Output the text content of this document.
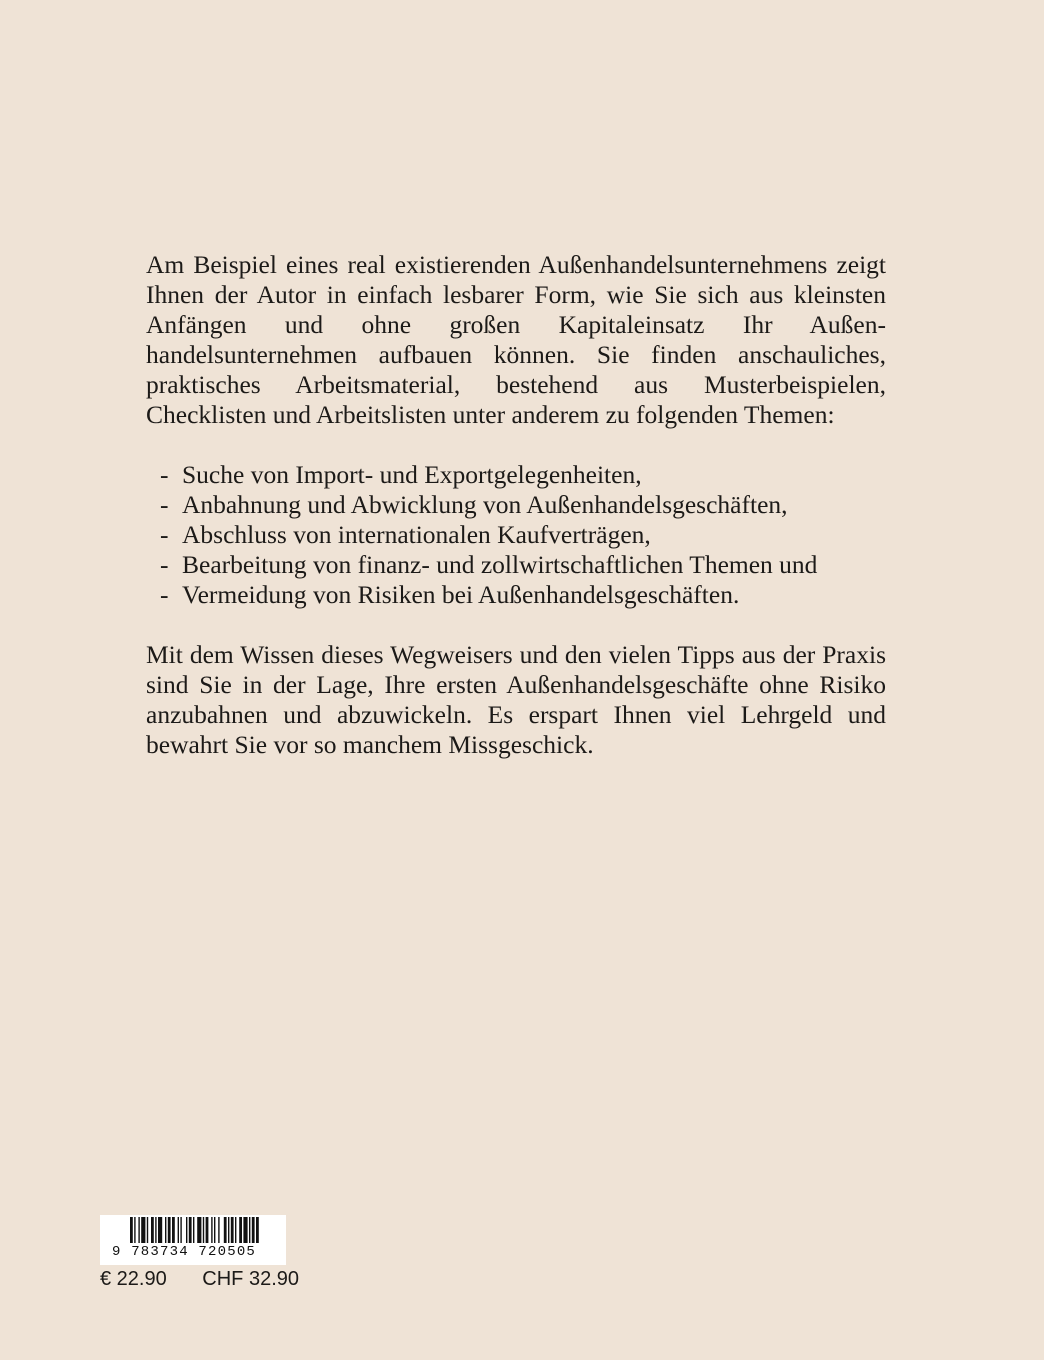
Am Beispiel eines real existierenden Außenhandelsunternehmens zeigt Ihnen der Autor in einfach lesbarer Form, wie Sie sich aus kleinsten Anfängen und ohne großen Kapitaleinsatz Ihr Außenhandelsunternehmen aufbauen können. Sie finden anschauliches, praktisches Arbeitsmaterial, bestehend aus Musterbeispielen, Checklisten und Arbeitslisten unter anderem zu folgenden Themen:

- Suche von Import- und Exportgelegenheiten,
- Anbahnung und Abwicklung von Außenhandelsgeschäften,
- Abschluss von internationalen Kaufverträgen,
- Bearbeitung von finanz- und zollwirtschaftlichen Themen und
- Vermeidung von Risiken bei Außenhandelsgeschäften.

Mit dem Wissen dieses Wegweisers und den vielen Tipps aus der Praxis sind Sie in der Lage, Ihre ersten Außenhandelsgeschäfte ohne Risiko anzubahnen und abzuwickeln. Es erspart Ihnen viel Lehrgeld und bewahrt Sie vor so manchem Missgeschick.

9 783734 720505
€ 22.90 CHF 32.90
